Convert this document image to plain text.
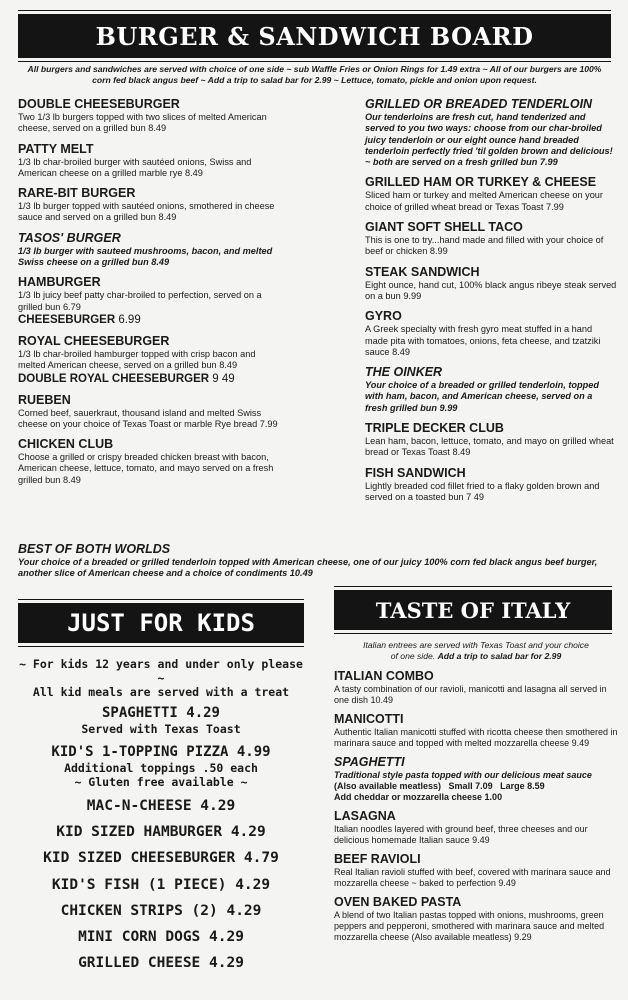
BURGER & SANDWICH BOARD
All burgers and sandwiches are served with choice of one side ~ sub Waffle Fries or Onion Rings for 1.49 extra ~ All of our burgers are 100%
corn fed black angus beef ~ Add a trip to salad bar for 2.99 ~ Lettuce, tomato, pickle and onion upon request.
DOUBLE CHEESEBURGER
Two 1/3 lb burgers topped with two slices of melted American cheese, served on a grilled bun 8.49
PATTY MELT
1/3 lb char-broiled burger with sautéed onions, Swiss and American cheese on a grilled marble rye 8.49
RARE-BIT BURGER
1/3 lb burger topped with sautéed onions, smothered in cheese sauce and served on a grilled bun 8.49
TASOS' BURGER
1/3 lb burger with sauteed mushrooms, bacon, and melted Swiss cheese on a grilled bun 8.49
HAMBURGER
1/3 lb juicy beef patty char-broiled to perfection, served on a grilled bun 6.79
CHEESEBURGER 6.99
ROYAL CHEESEBURGER
1/3 lb char-broiled hamburger topped with crisp bacon and melted American cheese, served on a grilled bun 8.49
DOUBLE ROYAL CHEESEBURGER 9 49
RUEBEN
Corned beef, sauerkraut, thousand island and melted Swiss cheese on your choice of Texas Toast or marble Rye bread 7.99
CHICKEN CLUB
Choose a grilled or crispy breaded chicken breast with bacon, American cheese, lettuce, tomato, and mayo served on a fresh grilled bun 8.49
GRILLED OR BREADED TENDERLOIN
Our tenderloins are fresh cut, hand tenderized and served to you two ways: choose from our char-broiled juicy tenderloin or our eight ounce hand breaded tenderloin perfectly fried 'til golden brown and delicious! ~ both are served on a fresh grilled bun 7.99
GRILLED HAM OR TURKEY & CHEESE
Sliced ham or turkey and melted American cheese on your choice of grilled wheat bread or Texas Toast 7.99
GIANT SOFT SHELL TACO
This is one to try...hand made and filled with your choice of beef or chicken 8.99
STEAK SANDWICH
Eight ounce, hand cut, 100% black angus ribeye steak served on a bun 9.99
GYRO
A Greek specialty with fresh gyro meat stuffed in a hand made pita with tomatoes, onions, feta cheese, and tzatziki sauce 8.49
THE OINKER
Your choice of a breaded or grilled tenderloin, topped with ham, bacon, and American cheese, served on a fresh grilled bun 9.99
TRIPLE DECKER CLUB
Lean ham, bacon, lettuce, tomato, and mayo on grilled wheat bread or Texas Toast 8.49
FISH SANDWICH
Lightly breaded cod fillet fried to a flaky golden brown and served on a toasted bun 7 49
BEST OF BOTH WORLDS
Your choice of a breaded or grilled tenderloin topped with American cheese, one of our juicy 100% corn fed black angus beef burger, another slice of American cheese and a choice of condiments 10.49
JUST FOR KIDS
~ For kids 12 years and under only please ~
All kid meals are served with a treat
SPAGHETTI 4.29
Served with Texas Toast
KID'S 1-TOPPING PIZZA 4.99
Additional toppings .50 each
~ Gluten free available ~
MAC-N-CHEESE 4.29
KID SIZED HAMBURGER 4.29
KID SIZED CHEESEBURGER 4.79
KID'S FISH (1 PIECE) 4.29
CHICKEN STRIPS (2) 4.29
MINI CORN DOGS 4.29
GRILLED CHEESE 4.29
TASTE OF ITALY
Italian entrees are served with Texas Toast and your choice
of one side. Add a trip to salad bar for 2.99
ITALIAN COMBO
A tasty combination of our ravioli, manicotti and lasagna all served in one dish 10.49
MANICOTTI
Authentic Italian manicotti stuffed with ricotta cheese then smothered in marinara sauce and topped with melted mozzarella cheese 9.49
SPAGHETTI
Traditional style pasta topped with our delicious meat sauce
(Also available meatless)   Small 7.09   Large 8.59
Add cheddar or mozzarella cheese 1.00
LASAGNA
Italian noodles layered with ground beef, three cheeses and our delicious homemade Italian sauce 9.49
BEEF RAVIOLI
Real Italian ravioli stuffed with beef, covered with marinara sauce and mozzarella cheese ~ baked to perfection 9.49
OVEN BAKED PASTA
A blend of two Italian pastas topped with onions, mushrooms, green peppers and pepperoni, smothered with marinara sauce and melted mozzarella cheese (Also available meatless) 9.29
